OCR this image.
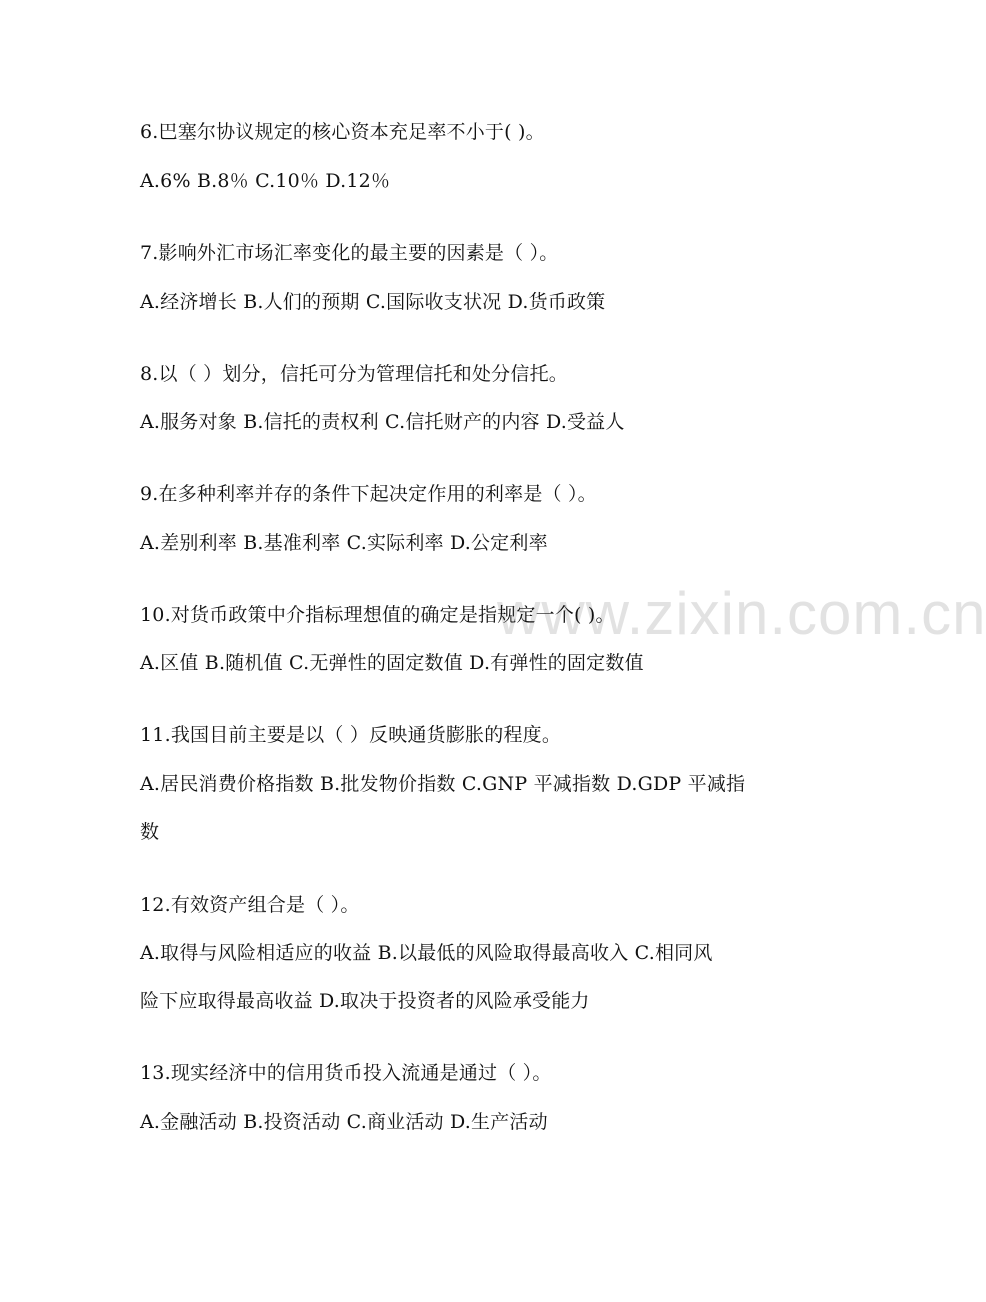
www.zixin.com.cn
6.巴塞尔协议规定的核心资本充足率不小于( )。
A.6% B.8％ C.10％ D.12％
7.影响外汇市场汇率变化的最主要的因素是（ ）。
A.经济增长 B.人们的预期 C.国际收支状况 D.货币政策
8.以（ ）划分，信托可分为管理信托和处分信托。
A.服务对象 B.信托的责权利 C.信托财产的内容 D.受益人
9.在多种利率并存的条件下起决定作用的利率是（ ）。
A.差别利率 B.基准利率 C.实际利率 D.公定利率
10.对货币政策中介指标理想值的确定是指规定一个( )。
A.区值 B.随机值 C.无弹性的固定数值 D.有弹性的固定数值
11.我国目前主要是以（ ）反映通货膨胀的程度。
A.居民消费价格指数 B.批发物价指数 C.GNP 平减指数 D.GDP 平减指
数
12.有效资产组合是（ ）。
A.取得与风险相适应的收益 B.以最低的风险取得最高收入 C.相同风
险下应取得最高收益 D.取决于投资者的风险承受能力
13.现实经济中的信用货币投入流通是通过（ ）。
A.金融活动 B.投资活动 C.商业活动 D.生产活动
